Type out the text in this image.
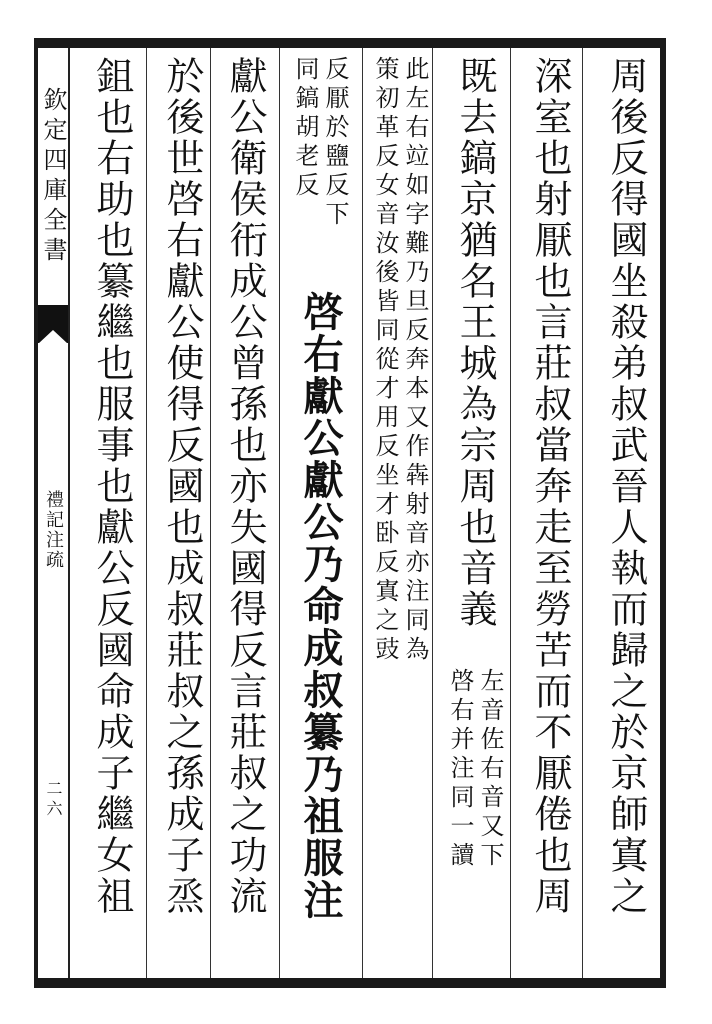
欽定四庫全書
禮記注疏
二六	周後反得國坐殺弟叔武晉人執而歸之於京師寘之
深室也射厭也言莊叔當奔走至勞苦而不厭倦也周
既去鎬京猶名王城為宗周也音義
左音佐右音又下
啓右并注同一讀
此左右竝如字難乃旦反奔本又作犇射音亦注同為
策初革反女音汝後皆同從才用反坐才卧反寘之豉
反厭於鹽反下
同鎬胡老反
啓右獻公獻公乃命成叔纂乃祖服注
獻公衛侯衎成公曾孫也亦失國得反言莊叔之功流
於後世啓右獻公使得反國也成叔莊叔之孫成子烝
鉏也右助也纂繼也服事也獻公反國命成子繼女祖
